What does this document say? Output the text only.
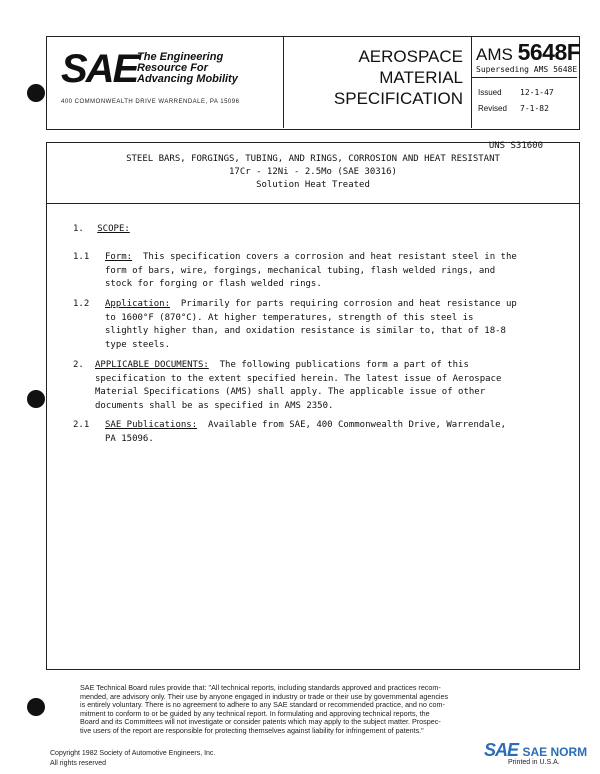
SAE The Engineering
Resource For
Advancing Mobility
400 COMMONWEALTH DRIVE WARRENDALE, PA 15096
AEROSPACE
MATERIAL
SPECIFICATION
AMS 5648F
Superseding AMS 5648E
Issued 12-1-47
Revised 7-1-82
UNS S31600
STEEL BARS, FORGINGS, TUBING, AND RINGS, CORROSION AND HEAT RESISTANT
17Cr - 12Ni - 2.5Mo (SAE 30316)
Solution Heat Treated
1. SCOPE:
1.1 Form: This specification covers a corrosion and heat resistant steel in the
form of bars, wire, forgings, mechanical tubing, flash welded rings, and
stock for forging or flash welded rings.
1.2 Application: Primarily for parts requiring corrosion and heat resistance up
to 1600°F (870°C). At higher temperatures, strength of this steel is
slightly higher than, and oxidation resistance is similar to, that of 18-8
type steels.
2. APPLICABLE DOCUMENTS: The following publications form a part of this
specification to the extent specified herein. The latest issue of Aerospace
Material Specifications (AMS) shall apply. The applicable issue of other
documents shall be as specified in AMS 2350.
2.1 SAE Publications: Available from SAE, 400 Commonwealth Drive, Warrendale,
PA 15096.
SAE Technical Board rules provide that: "All technical reports, including standards approved and practices recom-
mended, are advisory only. Their use by anyone engaged in industry or trade or their use by governmental agencies
is entirely voluntary. There is no agreement to adhere to any SAE standard or recommended practice, and no com-
mitment to conform to or be guided by any technical report. In formulating and approving technical reports, the
Board and its Committees will not investigate or consider patents which may apply to the subject matter. Prospec-
tive users of the report are responsible for protecting themselves against liability for infringement of patents."
Copyright 1982 Society of Automotive Engineers, Inc.
All rights reserved
SAE SAE NORM
Printed in U.S.A.
